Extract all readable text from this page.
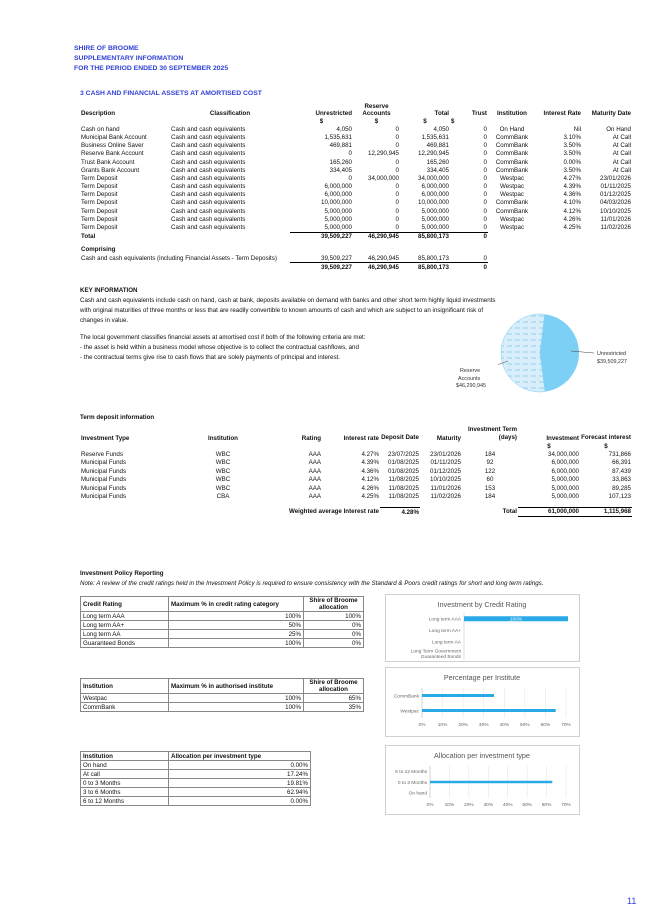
SHIRE OF BROOME
SUPPLEMENTARY INFORMATION
FOR THE PERIOD ENDED 30 SEPTEMBER 2025
3 CASH AND FINANCIAL ASSETS AT AMORTISED COST
Description	Classification	Unrestricted	Reserve Accounts	Total	Trust	Institution	Interest Rate	Maturity Date
		$	$	$	$			
Cash on hand	Cash and cash equivalents	4,050	0	4,050	0	On Hand	Nil	On Hand
Municipal Bank Account	Cash and cash equivalents	1,535,631	0	1,535,631	0	CommBank	3.10%	At Call
Business Online Saver	Cash and cash equivalents	469,881	0	469,881	0	CommBank	3.50%	At Call
Reserve Bank Account	Cash and cash equivalents	0	12,290,945	12,290,945	0	CommBank	3.50%	At Call
Trust Bank Account	Cash and cash equivalents	165,260	0	165,260	0	CommBank	0.00%	At Call
Grants Bank Account	Cash and cash equivalents	334,405	0	334,405	0	CommBank	3.50%	At Call
Term Deposit	Cash and cash equivalents	0	34,000,000	34,000,000	0	Westpac	4.27%	23/01/2026
Term Deposit	Cash and cash equivalents	6,000,000	0	6,000,000	0	Westpac	4.39%	01/11/2025
Term Deposit	Cash and cash equivalents	6,000,000	0	6,000,000	0	Westpac	4.36%	01/12/2025
Term Deposit	Cash and cash equivalents	10,000,000	0	10,000,000	0	CommBank	4.10%	04/03/2026
Term Deposit	Cash and cash equivalents	5,000,000	0	5,000,000	0	CommBank	4.12%	10/10/2025
Term Deposit	Cash and cash equivalents	5,000,000	0	5,000,000	0	Westpac	4.26%	11/01/2026
Term Deposit	Cash and cash equivalents	5,000,000	0	5,000,000	0	Westpac	4.25%	11/02/2026
Total		39,509,227	46,290,945	85,800,173	0			

Comprising								
Cash and cash equivalents (including Financial Assets - Term Deposits)		39,509,227	46,290,945	85,800,173	0			
		39,509,227	46,290,945	85,800,173	0			
KEY INFORMATION
Cash and cash equivalents include cash on hand, cash at bank, deposits available on demand with banks and other short term highly liquid investments
with original maturities of three months or less that are readily convertible to known amounts of cash and which are subject to an insignificant risk of
changes in value.
The local government classifies financial assets at amortised cost if both of the following criteria are met:
- the asset is held within a business model whose objective is to collect the contractual cashflows, and
- the contractual terms give rise to cash flows that are solely payments of principal and interest.
Reserve
Accounts
$46,290,945
Unrestricted
$39,509,227
Term deposit information
Investment Type	Institution	Rating	Interest rate	Deposit Date	Maturity	Investment Term (days)	Investment	Forecast interest
							$	$
Reserve Funds	WBC	AAA	4.27%	23/07/2025	23/01/2026	184	34,000,000	731,866
Municipal Funds	WBC	AAA	4.39%	01/08/2025	01/11/2025	92	6,000,000	66,391
Municipal Funds	WBC	AAA	4.36%	01/08/2025	01/12/2025	122	6,000,000	87,439
Municipal Funds	WBC	AAA	4.12%	11/08/2025	10/10/2025	60	5,000,000	33,863
Municipal Funds	WBC	AAA	4.26%	11/08/2025	11/01/2026	153	5,000,000	89,285
Municipal Funds	CBA	AAA	4.25%	11/08/2025	11/02/2026	184	5,000,000	107,123

Weighted average Interest rate				4.28%		Total	61,000,000	1,115,968
Investment Policy Reporting
Note: A review of the credit ratings held in the Investment Policy is required to ensure consistency with the Standard & Poors credit ratings for short and long term ratings.
Credit Rating	Maximum % in credit rating category	Shire of Broome allocation
Long term AAA	100%	100%
Long term AA+	50%	0%
Long term AA	25%	0%
Guaranteed Bonds	100%	0%
Institution	Maximum % in authorised institute	Shire of Broome allocation
Westpac	100%	65%
CommBank	100%	35%
Institution	Allocation per investment type
On hand	0.00%
At call	17.24%
0 to 3 Months	19.81%
3 to 6 Months	62.94%
6 to 12 Months	0.00%
Investment by Credit Rating
Long term AAA	100%
Long term AA+
Long term AA
Long Term Government
Guaranteed Bonds
Percentage per Institute
0%	10% 20% 30% 40% 50% 60% 70%
CommBank
Westpac
Allocation per investment type
0% 10% 20% 30% 40% 50% 60% 70%
6 to 12 Months
0 to 3 Months
On hand
11
